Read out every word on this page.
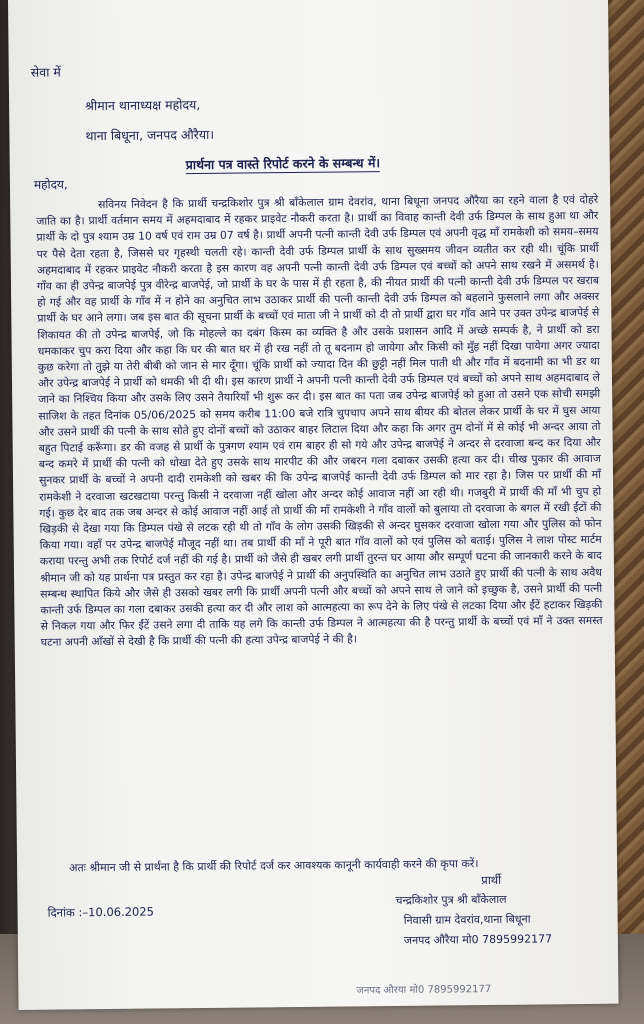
सेवा में
श्रीमान थानाध्यक्ष महोदय,
थाना बिधूना, जनपद औरैया।
प्रार्थना पत्र वास्ते रिपोर्ट करने के सम्बन्ध में।
महोदय,

सविनय निवेदन है कि प्रार्थी चन्द्रकिशोर पुत्र श्री बाँकेलाल ग्राम देवरांव, थाना बिधूना जनपद औरैया का रहने वाला है एवं दोहरे जाति का है। प्रार्थी वर्तमान समय में अहमदाबाद में रहकर प्राइवेट नौकरी करता है। प्रार्थी का विवाह कान्ती देवी उर्फ डिम्पल के साथ हुआ था और प्रार्थी के दो पुत्र श्याम उम्र 10 वर्ष एवं राम उम्र 07 वर्ष है। प्रार्थी अपनी पत्नी कान्ती देवी उर्फ डिम्पल एवं अपनी वृद्ध माँ रामकेशी को समय–समय पर पैसे देता रहता है, जिससे घर गृहस्थी चलती रहे। कान्ती देवी उर्फ डिम्पल प्रार्थी के साथ सुख्समय जीवन व्यतीत कर रही थी। चूंकि प्रार्थी अहमदाबाद में रहकर प्राइवेट नौकरी करता है इस कारण वह अपनी पत्नी कान्ती देवी उर्फ डिम्पल एवं बच्चों को अपने साथ रखने में असमर्थ है। गाँव का ही उपेन्द्र बाजपेई पुत्र वीरेन्द्र बाजपेई, जो प्रार्थी के घर के पास में ही रहता है, की नीयत प्रार्थी की पत्नी कान्ती देवी उर्फ डिम्पल पर खराब हो गई और वह प्रार्थी के गाँव में न होने का अनुचित लाभ उठाकर प्रार्थी की पत्नी कान्ती देवी उर्फ डिम्पल को बहलाने फुसलाने लगा और अक्सर प्रार्थी के घर आने लगा। जब इस बात की सूचना प्रार्थी के बच्चों एवं माता जी ने प्रार्थी को दी तो प्रार्थी द्वारा घर गाँव आने पर उक्त उपेन्द्र बाजपेई से शिकायत की तो उपेन्द्र बाजपेई, जो कि मोहल्ले का दबंग किस्म का व्यक्ति है और उसके प्रशासन आदि में अच्छे सम्पर्क है, ने प्रार्थी को डरा धमकाकर चुप करा दिया और कहा कि घर की बात घर में ही रख नहीं तो तू बदनाम हो जायेगा और किसी को मुँह नहीं दिखा पायेगा अगर ज्यादा कुछ करेगा तो तुझे या तेरी बीबी को जान से मार दूँगा। चूंकि प्रार्थी को ज्यादा दिन की छुट्टी नहीं मिल पाती थी और गाँव में बदनामी का भी डर था और उपेन्द्र बाजपेई ने प्रार्थी को धमकी भी दी थी। इस कारण प्रार्थी ने अपनी पत्नी कान्ती देवी उर्फ डिम्पल एवं बच्चों को अपने साथ अहमदाबाद ले जाने का निश्चिय किया और उसके लिए उसने तैयारियाँ भी शुरू कर दी। इस बात का पता जब उपेन्द्र बाजपेई को हुआ तो उसने एक सोची समझी साजिश के तहत दिनांक 05/06/2025 को समय करीब 11:00 बजे रात्रि चुपचाप अपने साथ बीयर की बोतल लेकर प्रार्थी के घर में घुस आया और उसने प्रार्थी की पत्नी के साथ सोते हुए दोनों बच्चों को उठाकर बाहर लिटाल दिया और कहा कि अगर तुम दोनों में से कोई भी अन्दर आया तो बहुत पिटाई करूँगा। डर की वजह से प्रार्थी के पुत्रगण श्याम एवं राम बाहर ही सो गये और उपेन्द्र बाजपेई ने अन्दर से दरवाजा बन्द कर दिया और बन्द कमरे में प्रार्थी की पत्नी को धोखा देते हुए उसके साथ मारपीट की और जबरन गला दबाकर उसकी हत्या कर दी। चीख पुकार की आवाज सुनकर प्रार्थी के बच्चों ने अपनी दादी रामकेशी को खबर की कि उपेन्द्र बाजपेई कान्ती देवी उर्फ डिम्पल को मार रहा है। जिस पर प्रार्थी की माँ रामकेशी ने दरवाजा खटखटाया परन्तु किसी ने दरवाजा नहीं खोला और अन्दर कोई आवाज नहीं आ रही थी। गजबुरी में प्रार्थी की माँ भी चुप हो गई। कुछ देर बाद तक जब अन्दर से कोई आवाज नहीं आई तो प्रार्थी की माँ रामकेशी ने गाँव वालों को बुलाया तो दरवाजा के बगल में रखी ईंटों की खिड़की से देखा गया कि डिम्पल पंखे से लटक रही थी तो गाँव के लोग उसकी खिड़की से अन्दर घुसकर दरवाजा खोला गया और पुलिस को फोन किया गया। वहाँ पर उपेन्द्र बाजपेई मौजूद नहीं था। तब प्रार्थी की माँ ने पूरी बात गाँव वालों को एवं पुलिस को बताई। पुलिस ने लाश पोस्ट मार्टम कराया परन्तु अभी तक रिपोर्ट दर्ज नहीं की गई है। प्रार्थी को जैसे ही खबर लगी प्रार्थी तुरन्त घर आया और सम्पूर्ण घटना की जानकारी करने के बाद श्रीमान जी को यह प्रार्थना पत्र प्रस्तुत कर रहा है। उपेन्द्र बाजपेई ने प्रार्थी की अनुपस्थिति का अनुचित लाभ उठाते हुए प्रार्थी की पत्नी के साथ अवैध सम्बन्ध स्थापित किये और जैसे ही उसको खबर लगी कि प्रार्थी अपनी पत्नी और बच्चों को अपने साथ ले जाने को इच्छुक है, उसने प्रार्थी की पत्नी कान्ती उर्फ डिम्पल का गला दबाकर उसकी हत्या कर दी और लाश को आत्महत्या का रूप देने के लिए पंखे से लटका दिया और ईंटें हटाकर खिड़की से निकल गया और फिर ईंटें उसने लगा दी ताकि यह लगे कि कान्ती उर्फ डिम्पल ने आत्महत्या की है परन्तु प्रार्थी के बच्चों एवं माँ ने उक्त समस्त घटना अपनी आँखों से देखी है कि प्रार्थी की पत्नी की हत्या उपेन्द्र बाजपेई ने की है।

अतः श्रीमान जी से प्रार्थना है कि प्रार्थी की रिपोर्ट दर्ज कर आवश्यक कानूनी कार्यवाही करने की कृपा करें।
प्रार्थी
दिनांक :–10.06.2025
चन्द्रकिशोर पुत्र श्री बाँकेलाल
निवासी ग्राम देवरांव,थाना बिधूना
जनपद औरैया मो0 7895992177
जनपद औरया मो0 7895992177
